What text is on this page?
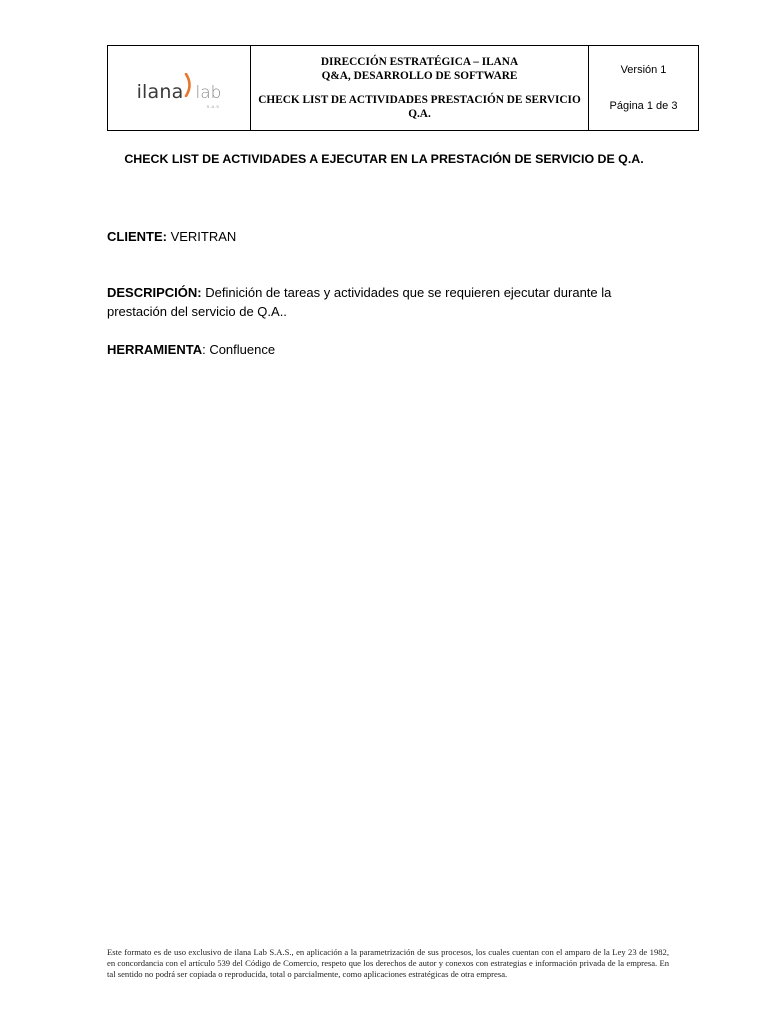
ilana lab
S.A.S

DIRECCIÓN ESTRATÉGICA – ILANA
Q&A, DESARROLLO DE SOFTWARE
CHECK LIST DE ACTIVIDADES PRESTACIÓN DE SERVICIO Q.A.

Versión 1
Página 1 de 3
CHECK LIST DE ACTIVIDADES A EJECUTAR EN LA PRESTACIÓN DE SERVICIO DE Q.A.
CLIENTE: VERITRAN
DESCRIPCIÓN: Definición de tareas y actividades que se requieren ejecutar durante la prestación del servicio de Q.A..
HERRAMIENTA: Confluence
Este formato es de uso exclusivo de ilana Lab S.A.S., en aplicación a la parametrización de sus procesos, los cuales cuentan con el amparo de la Ley 23 de 1982, en concordancia con el artículo 539 del Código de Comercio, respeto que los derechos de autor y conexos con estrategias e información privada de la empresa. En tal sentido no podrá ser copiada o reproducida, total o parcialmente, como aplicaciones estratégicas de otra empresa.
